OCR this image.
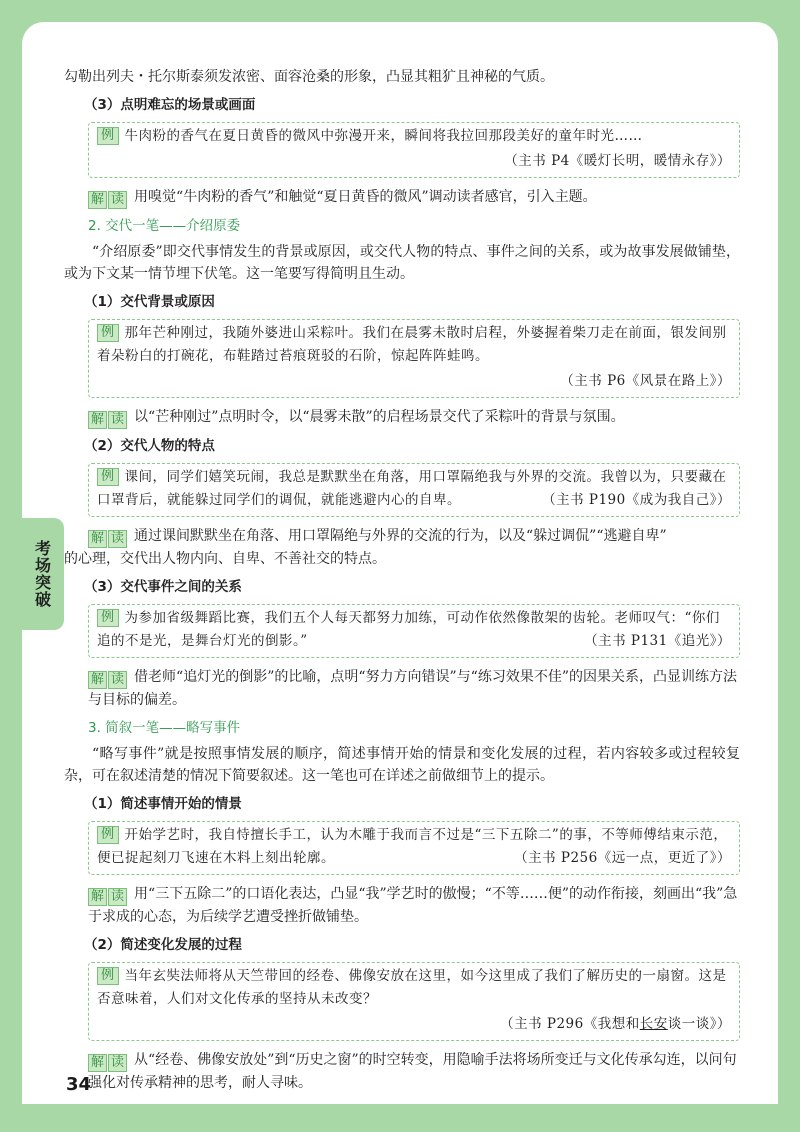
考场突破

勾勒出列夫・托尔斯泰须发浓密、面容沧桑的形象，凸显其粗犷且神秘的气质。

（3）点明难忘的场景或画面

例 牛肉粉的香气在夏日黄昏的微风中弥漫开来，瞬间将我拉回那段美好的童年时光……
（主书 P4《暖灯长明，暖情永存》）

解 读 用嗅觉“牛肉粉的香气”和触觉“夏日黄昏的微风”调动读者感官，引入主题。

2. 交代一笔——介绍原委

“介绍原委”即交代事情发生的背景或原因，或交代人物的特点、事件之间的关系，或为故事发展做铺垫，或为下文某一情节埋下伏笔。这一笔要写得简明且生动。

（1）交代背景或原因

例 那年芒种刚过，我随外婆进山采粽叶。我们在晨雾未散时启程，外婆握着柴刀走在前面，银发间别着朵粉白的打碗花，布鞋踏过苔痕斑驳的石阶，惊起阵阵蛙鸣。
（主书 P6《风景在路上》）

解 读 以“芒种刚过”点明时令，以“晨雾未散”的启程场景交代了采粽叶的背景与氛围。

（2）交代人物的特点

例 课间，同学们嬉笑玩闹，我总是默默坐在角落，用口罩隔绝我与外界的交流。我曾以为，只要藏在口罩背后，就能躲过同学们的调侃，就能逃避内心的自卑。	（主书 P190《成为我自己》）

解 读 通过课间默默坐在角落、用口罩隔绝与外界的交流的行为，以及“躲过调侃”“逃避自卑”

的心理，交代出人物内向、自卑、不善社交的特点。

（3）交代事件之间的关系

例 为参加省级舞蹈比赛，我们五个人每天都努力加练，可动作依然像散架的齿轮。老师叹气：“你们追的不是光，是舞台灯光的倒影。”	（主书 P131《追光》）

解 读 借老师“追灯光的倒影”的比喻，点明“努力方向错误”与“练习效果不佳”的因果关系，凸显训练方法与目标的偏差。

3. 简叙一笔——略写事件

“略写事件”就是按照事情发展的顺序，简述事情开始的情景和变化发展的过程，若内容较多或过程较复杂，可在叙述清楚的情况下简要叙述。这一笔也可在详述之前做细节上的提示。

（1）简述事情开始的情景

例 开始学艺时，我自恃擅长手工，认为木雕于我而言不过是“三下五除二”的事，不等师傅结束示范，便已捉起刻刀飞速在木料上刻出轮廓。	（主书 P256《远一点，更近了》）

解 读 用“三下五除二”的口语化表达，凸显“我”学艺时的傲慢；“不等……便”的动作衔接，刻画出“我”急于求成的心态，为后续学艺遭受挫折做铺垫。

（2）简述变化发展的过程

例 当年玄奘法师将从天竺带回的经卷、佛像安放在这里，如今这里成了我们了解历史的一扇窗。这是否意味着，人们对文化传承的坚持从未改变？
（主书 P296《我想和长安谈一谈》）

解 读 从“经卷、佛像安放处”到“历史之窗”的时空转变，用隐喻手法将场所变迁与文化传承勾连，以问句强化对传承精神的思考，耐人寻味。

34
